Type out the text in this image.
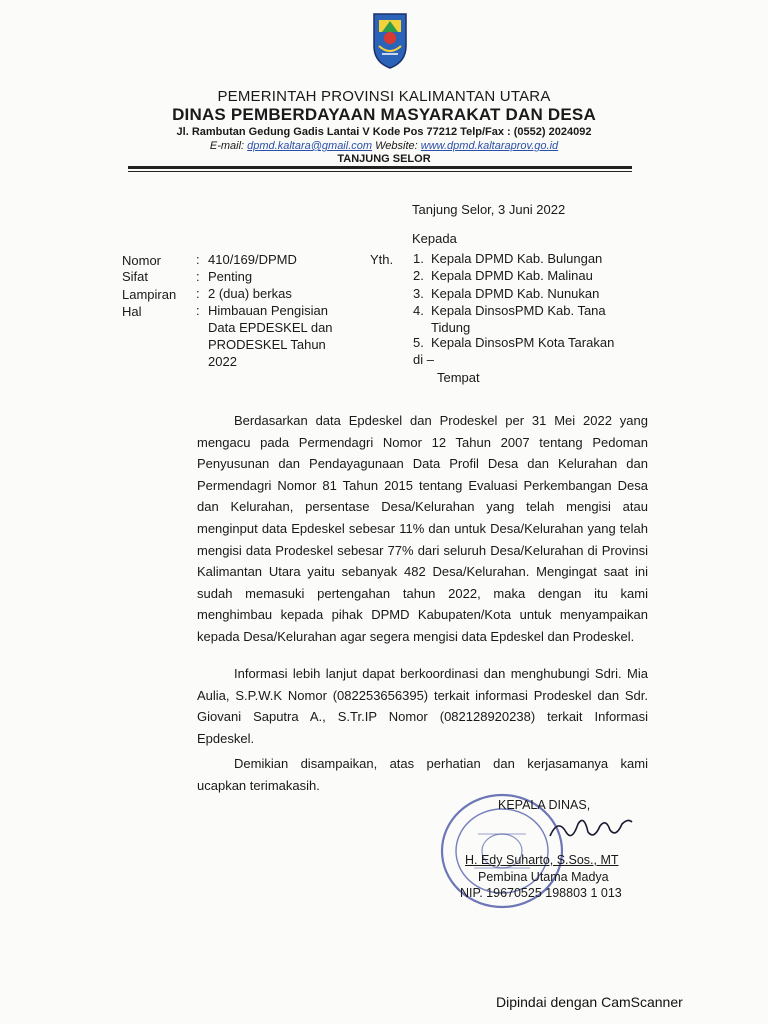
PEMERINTAH PROVINSI KALIMANTAN UTARA
DINAS PEMBERDAYAAN MASYARAKAT DAN DESA
Jl. Rambutan Gedung Gadis Lantai V Kode Pos 77212 Telp/Fax : (0552) 2024092
E-mail: dpmd.kaltara@gmail.com Website: www.dpmd.kaltaraprov.go.id
TANJUNG SELOR
Tanjung Selor, 3 Juni 2022
Kepada
Nomor	: 410/169/DPMD
Sifat	: Penting
Lampiran : 2 (dua) berkas
Hal	: Himbauan Pengisian
Data EPDESKEL dan
PRODESKEL Tahun
2022
Yth. 1. Kepala DPMD Kab. Bulungan
2. Kepala DPMD Kab. Malinau
3. Kepala DPMD Kab. Nunukan
4. Kepala DinsosPMD Kab. Tana Tidung
5. Kepala DinsosPM Kota Tarakan
di –
Tempat

Berdasarkan data Epdeskel dan Prodeskel per 31 Mei 2022 yang mengacu pada Permendagri Nomor 12 Tahun 2007 tentang Pedoman Penyusunan dan Pendayagunaan Data Profil Desa dan Kelurahan dan Permendagri Nomor 81 Tahun 2015 tentang Evaluasi Perkembangan Desa dan Kelurahan, persentase Desa/Kelurahan yang telah mengisi atau menginput data Epdeskel sebesar 11% dan untuk Desa/Kelurahan yang telah mengisi data Prodeskel sebesar 77% dari seluruh Desa/Kelurahan di Provinsi Kalimantan Utara yaitu sebanyak 482 Desa/Kelurahan. Mengingat saat ini sudah memasuki pertengahan tahun 2022, maka dengan itu kami menghimbau kepada pihak DPMD Kabupaten/Kota untuk menyampaikan kepada Desa/Kelurahan agar segera mengisi data Epdeskel dan Prodeskel.

Informasi lebih lanjut dapat berkoordinasi dan menghubungi Sdri. Mia Aulia, S.P.W.K Nomor (082253656395) terkait informasi Prodeskel dan Sdr. Giovani Saputra A., S.Tr.IP Nomor (082128920238) terkait Informasi Epdeskel.

Demikian disampaikan, atas perhatian dan kerjasamanya kami ucapkan terimakasih.

KEPALA DINAS,
H. Edy Suharto, S.Sos., MT
Pembina Utama Madya
NIP. 19670525 198803 1 013
Dipindai dengan CamScanner
